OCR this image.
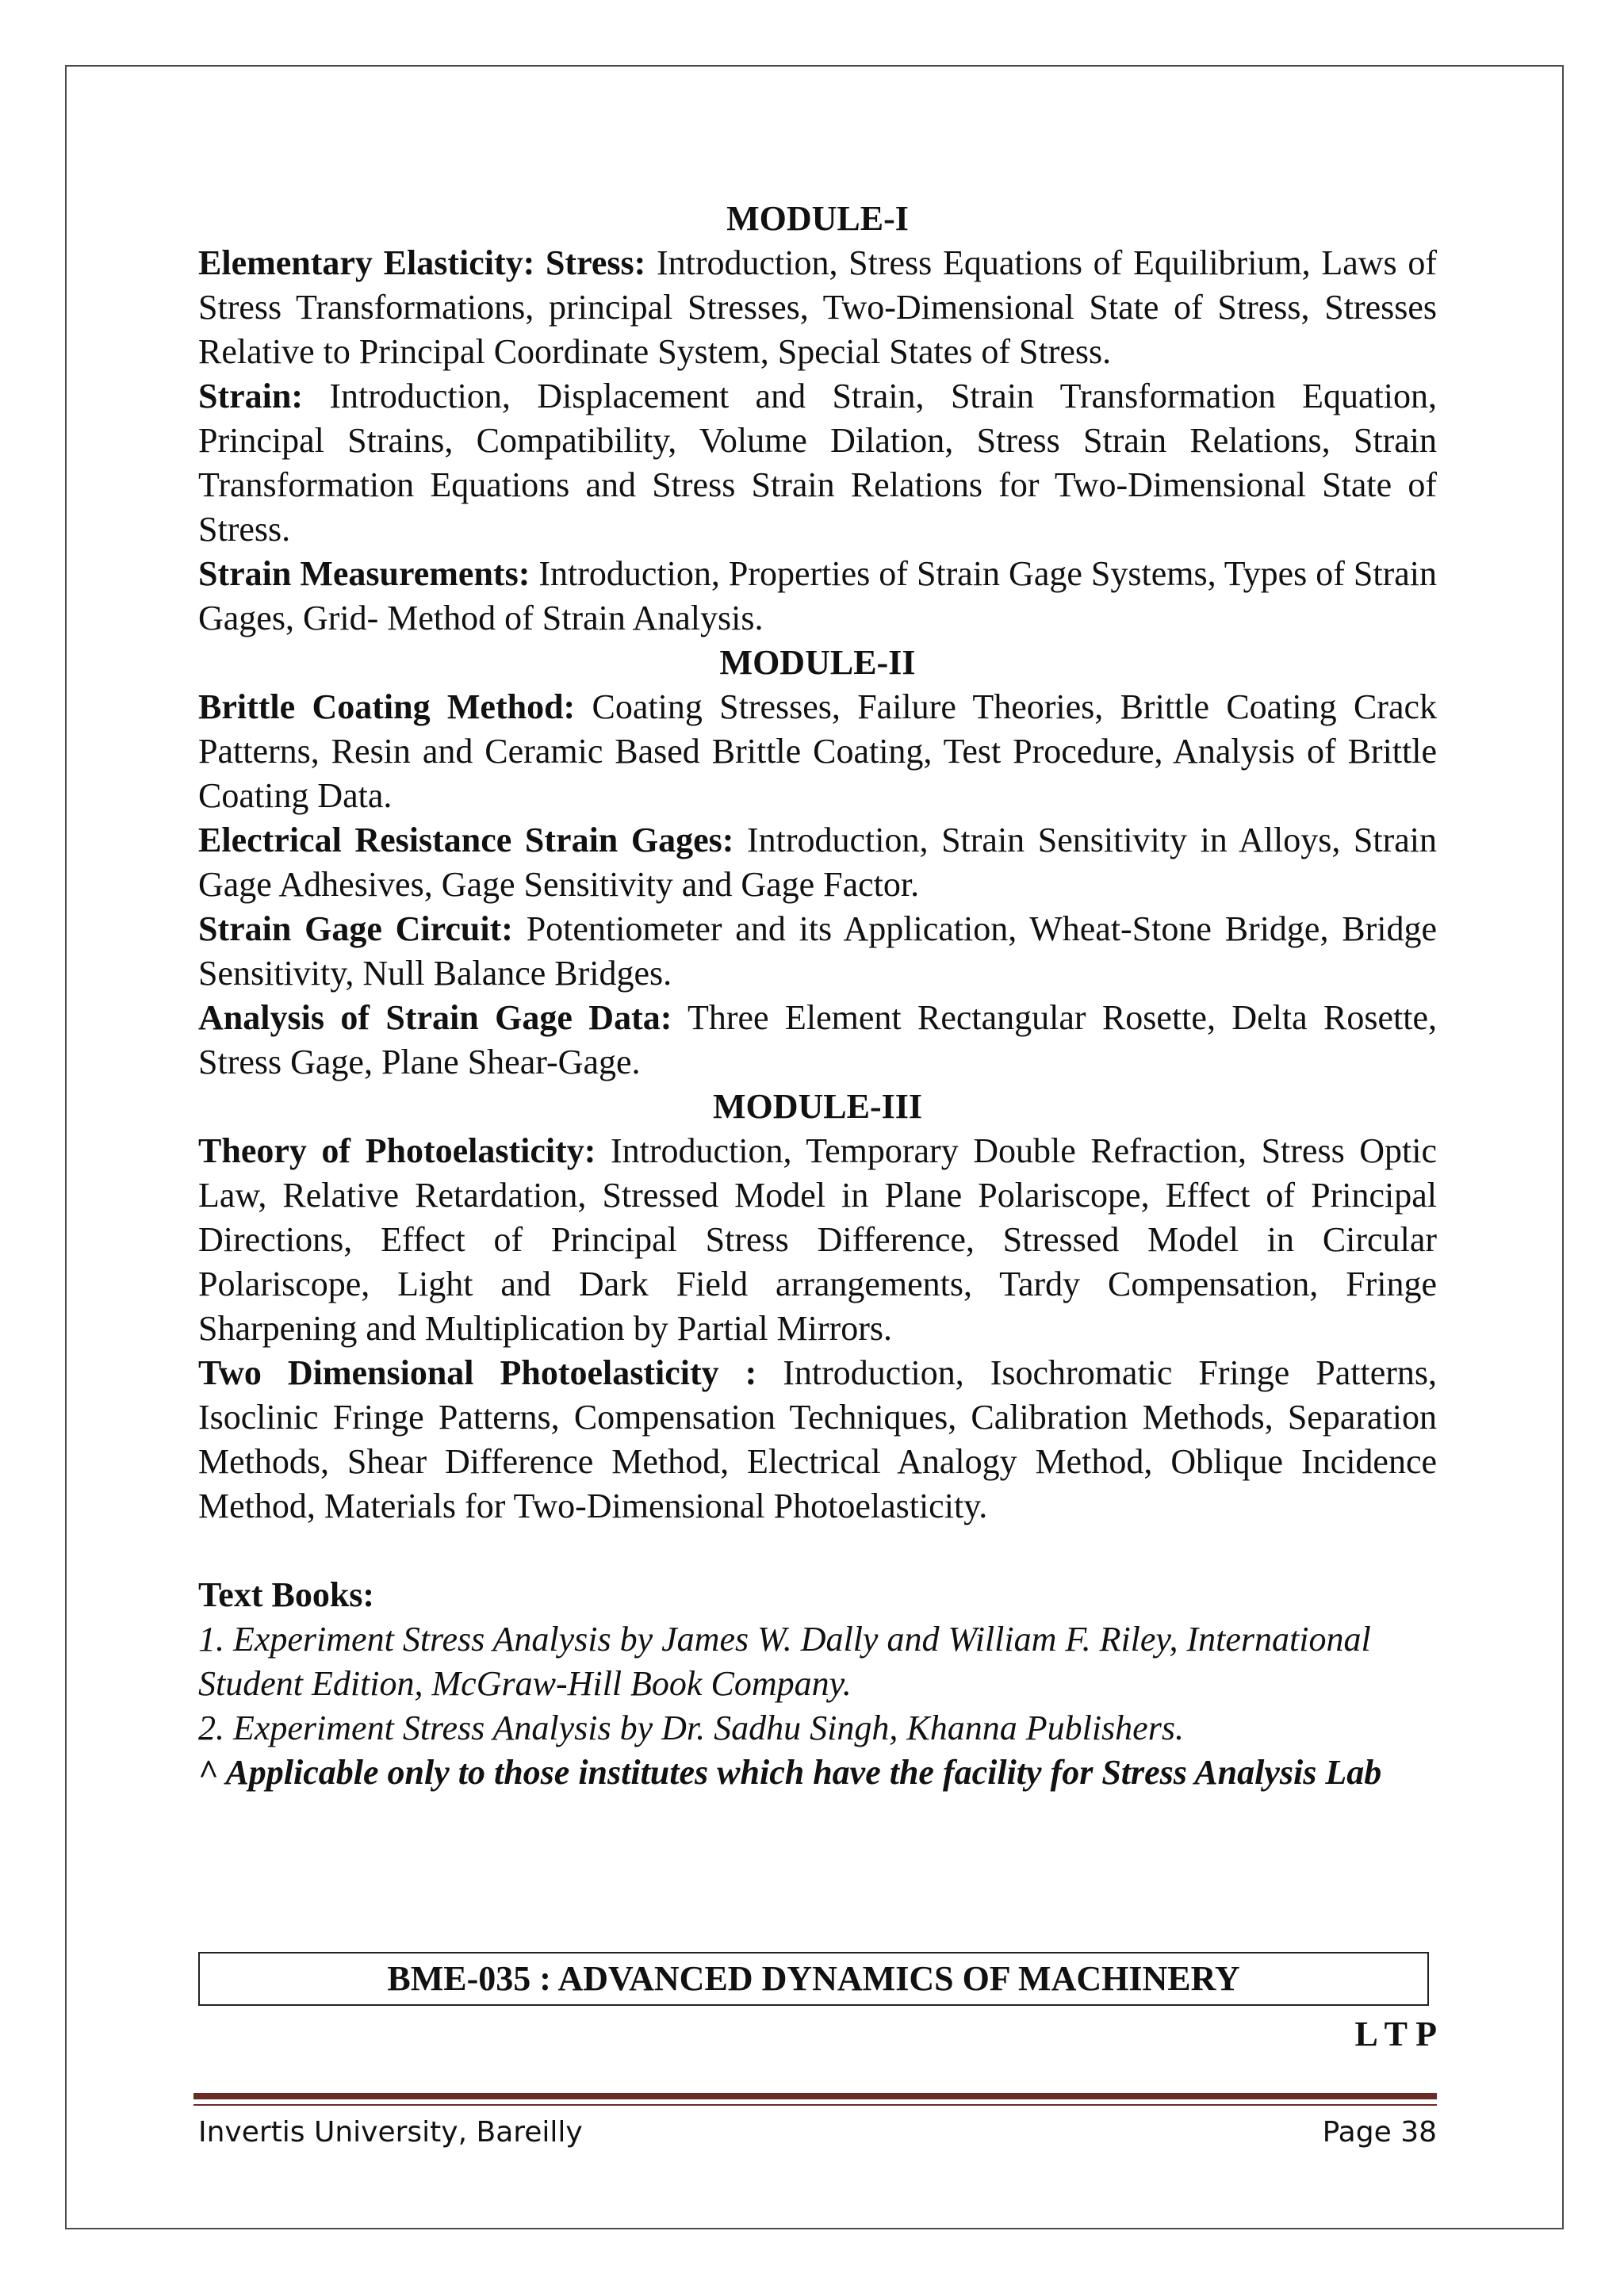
MODULE-I

Elementary Elasticity: Stress: Introduction, Stress Equations of Equilibrium, Laws of Stress Transformations, principal Stresses, Two-Dimensional State of Stress, Stresses Relative to Principal Coordinate System, Special States of Stress.

Strain: Introduction, Displacement and Strain, Strain Transformation Equation, Principal Strains, Compatibility, Volume Dilation, Stress Strain Relations, Strain Transformation Equations and Stress Strain Relations for Two-Dimensional State of Stress.

Strain Measurements: Introduction, Properties of Strain Gage Systems, Types of Strain Gages, Grid- Method of Strain Analysis.

MODULE-II

Brittle Coating Method: Coating Stresses, Failure Theories, Brittle Coating Crack Patterns, Resin and Ceramic Based Brittle Coating, Test Procedure, Analysis of Brittle Coating Data.

Electrical Resistance Strain Gages: Introduction, Strain Sensitivity in Alloys, Strain Gage Adhesives, Gage Sensitivity and Gage Factor.

Strain Gage Circuit: Potentiometer and its Application, Wheat-Stone Bridge, Bridge Sensitivity, Null Balance Bridges.

Analysis of Strain Gage Data: Three Element Rectangular Rosette, Delta Rosette, Stress Gage, Plane Shear-Gage.

MODULE-III

Theory of Photoelasticity: Introduction, Temporary Double Refraction, Stress Optic Law, Relative Retardation, Stressed Model in Plane Polariscope, Effect of Principal Directions, Effect of Principal Stress Difference, Stressed Model in Circular Polariscope, Light and Dark Field arrangements, Tardy Compensation, Fringe Sharpening and Multiplication by Partial Mirrors.

Two Dimensional Photoelasticity : Introduction, Isochromatic Fringe Patterns, Isoclinic Fringe Patterns, Compensation Techniques, Calibration Methods, Separation Methods, Shear Difference Method, Electrical Analogy Method, Oblique Incidence Method, Materials for Two-Dimensional Photoelasticity.

Text Books:

1. Experiment Stress Analysis by James W. Dally and William F. Riley, International

Student Edition, McGraw-Hill Book Company.

2. Experiment Stress Analysis by Dr. Sadhu Singh, Khanna Publishers.

^ Applicable only to those institutes which have the facility for Stress Analysis Lab

BME-035 : ADVANCED DYNAMICS OF MACHINERY
L T P
Invertis University, Bareilly	Page 38
